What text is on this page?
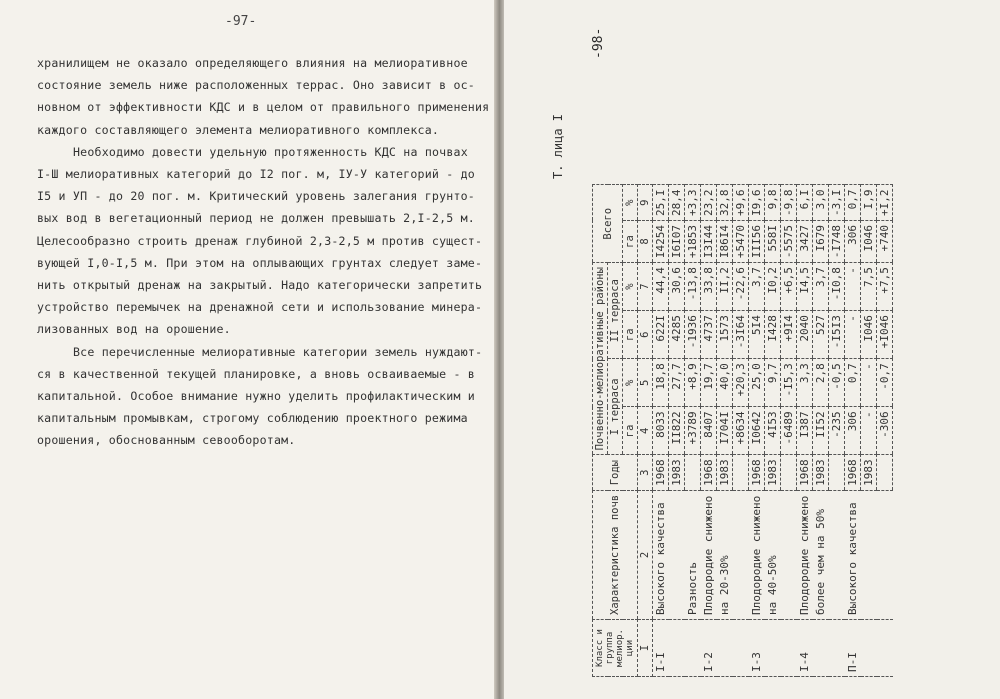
-97-
хранилищем не оказало определяющего влияния на мелиоративное
состояние земель ниже расположенных террас. Оно зависит в ос-
новном от эффективности КДС и в целом от правильного применения
каждого составляющего элемента мелиоративного комплекса.
Необходимо довести удельную протяженность КДС на почвах
I-Ш мелиоративных категорий до I2 пог. м, IУ-У категорий - до
I5 и УП - до 20 пог. м. Критический уровень залегания грунто-
вых вод в вегетационный период не должен превышать 2,I-2,5 м.
Целесообразно строить дренаж глубиной 2,3-2,5 м против сущест-
вующей I,0-I,5 м. При этом на оплывающих грунтах следует заме-
нить открытый дренаж на закрытый. Надо категорически запретить
устройство перемычек на дренажной сети и использование минера-
лизованных вод на орошение.
Все перечисленные мелиоративные категории земель нуждают-
ся в качественной текущей планировке, а вновь осваиваемые - в
капитальной. Особое внимание нужно уделить профилактическим и
капитальным промывкам, строгому соблюдению проектного режима
орошения, обоснованным севооборотам.
Т. лица I
-98-
Класс и группа мелиор. ции	Характеристика почв	Годы	Почвенно-мелиоративные районы				Всего	
			I терраса		II терраса			
			га	%	га	%	га	%
I	2	3	4	5	6	7	8	9
I-I	Высокого качества	1968	8033	18,8	622I	44,4	I4254	25,I
		1983	II822	27,7	4285	30,6	I6I07	28,4
	Разность		+3789	+8,9	-1936	-13,8	+1853	+3,3
I-2	Плодородие снижено	1968	8407	19,7	4737	33,8	I3I44	23,2
	на 20-30%	1983	I704I	40,0	1573	II,2	I86I4	32,8
			+8634	+20,3	-3I64	-22,6	+5470	+9,6
I-3	Плодородие снижено	1968	I0642	25,0	5I4	3,7	III56	I9,6
	на 40-50%	1983	4I53	9,7	I428	I0,2	558I	9,8
			-6489	-I5,3	+9I4	+6,5	-5575	-9,8
I-4	Плодородие снижено	1968	I387	3,3	2040	I4,5	3427	6,I
	более чем на 50%	1983	II52	2,8	527	3,7	I679	3,0
			-235	-0,5	-I5I3	-I0,8	-I748	-3,I
П-I	Высокого качества	1968	306	0,7	-	-	306	0,7
		1983	-	-	I046	7,5	I046	I,9
			-306	-0,7	+I046	+7,5	+740	+I,2
